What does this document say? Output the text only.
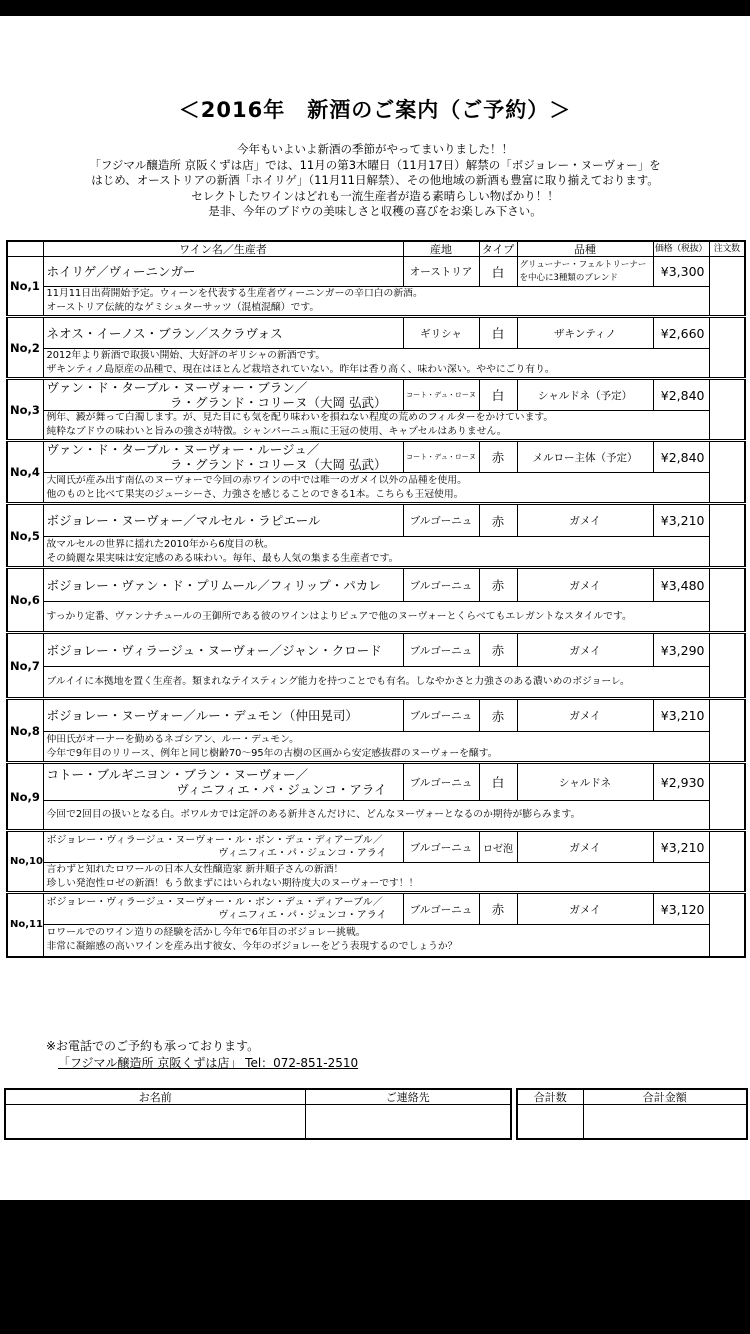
＜2016年　新酒のご案内（ご予約）＞
今年もいよいよ新酒の季節がやってまいりました！！
「フジマル醸造所 京阪くずは店」では、11月の第3木曜日（11月17日）解禁の「ボジョレー・ヌーヴォー」を
はじめ、オーストリアの新酒「ホイリゲ」（11月11日解禁）、その他地域の新酒も豊富に取り揃えております。
セレクトしたワインはどれも一流生産者が造る素晴らしい物ばかり！！
是非、今年のブドウの美味しさと収穫の喜びをお楽しみ下さい。
	ワイン名／生産者	産地	タイプ	品種	価格（税抜）	注文数
No,1	ホイリゲ／ヴィーニンガー	オーストリア	白	グリューナー・フェルトリーナー
を中心に3種類のブレンド	¥3,300	

	11月11日出荷開始予定。ウィーンを代表する生産者ヴィーニンガーの辛口白の新酒。
オーストリア伝統的なゲミシュターサッツ（混植混醸）です。					

No,2	ネオス・イーノス・ブラン／スクラヴォス	ギリシャ	白	ザキンティノ	¥2,660	

	2012年より新酒で取扱い開始、大好評のギリシャの新酒です。
ザキンティノ島原産の品種で、現在はほとんど栽培されていない。昨年は香り高く、味わい深い。ややにごり有り。					

No,3	ヴァン・ド・ターブル・ヌーヴォー・ブラン／
ラ・グランド・コリーヌ（大岡 弘武）	コート・デュ・ローヌ	白	シャルドネ（予定）	¥2,840	

	例年、澱が舞って白濁します。が、見た目にも気を配り味わいを損ねない程度の荒めのフィルターをかけています。
純粋なブドウの味わいと旨みの強さが特徴。シャンパーニュ瓶に王冠の使用、キャプセルはありません。					

No,4	ヴァン・ド・ターブル・ヌーヴォー・ルージュ／
ラ・グランド・コリーヌ（大岡 弘武）	コート・デュ・ローヌ	赤	メルロー主体（予定）	¥2,840	

	大岡氏が産み出す南仏のヌーヴォーで今回の赤ワインの中では唯一のガメイ以外の品種を使用。
他のものと比べて果実のジューシーさ、力強さを感じることのできる1本。こちらも王冠使用。					

No,5	ボジョレー・ヌーヴォー／マルセル・ラピエール	ブルゴーニュ	赤	ガメイ	¥3,210	

	故マルセルの世界に揺れた2010年から6度目の秋。
その綺麗な果実味は安定感のある味わい。毎年、最も人気の集まる生産者です。					

No,6	ボジョレー・ヴァン・ド・プリムール／フィリップ・パカレ	ブルゴーニュ	赤	ガメイ	¥3,480	

	すっかり定番、ヴァンナチュールの王御所である彼のワインはよりピュアで他のヌーヴォーとくらべてもエレガントなスタイルです。					

No,7	ボジョレー・ヴィラージュ・ヌーヴォー／ジャン・クロード	ブルゴーニュ	赤	ガメイ	¥3,290	

	ブルイイに本拠地を置く生産者。類まれなテイスティング能力を持つことでも有名。しなやかさと力強さのある濃いめのボジョーレ。					

No,8	ボジョレー・ヌーヴォー／ルー・デュモン（仲田晃司）	ブルゴーニュ	赤	ガメイ	¥3,210	

	仲田氏がオーナーを勤めるネゴシアン、ルー・デュモン。
今年で9年目のリリース、例年と同じ樹齢70～95年の古樹の区画から安定感抜群のヌーヴォーを醸す。					

No,9	コトー・ブルギニヨン・ブラン・ヌーヴォー／
ヴィニフィエ・パ・ジュンコ・アライ	ブルゴーニュ	白	シャルドネ	¥2,930	

	今回で2回目の扱いとなる白。ボワルカでは定評のある新井さんだけに、どんなヌーヴォーとなるのか期待が膨らみます。					

No,10	ボジョレー・ヴィラージュ・ヌーヴォー・ル・ボン・デュ・ディアーブル／
ヴィニフィエ・パ・ジュンコ・アライ	ブルゴーニュ	ロゼ泡	ガメイ	¥3,210	

	言わずと知れたロワールの日本人女性醸造家 新井順子さんの新酒！
珍しい発泡性ロゼの新酒！もう飲まずにはいられない期待度大のヌーヴォーです！！					

No,11	ボジョレー・ヴィラージュ・ヌーヴォー・ル・ボン・デュ・ディアーブル／
ヴィニフィエ・パ・ジュンコ・アライ	ブルゴーニュ	赤	ガメイ	¥3,120	

	ロワールでのワイン造りの経験を活かし今年で6年目のボジョレー挑戦。
非常に凝縮感の高いワインを産み出す彼女、今年のボジョレーをどう表現するのでしょうか？					
※お電話でのご予約も承っております。
「フジマル醸造所 京阪くずは店」 Tel：072-851-2510
お名前	ご連絡先
		合計数	合計金額
